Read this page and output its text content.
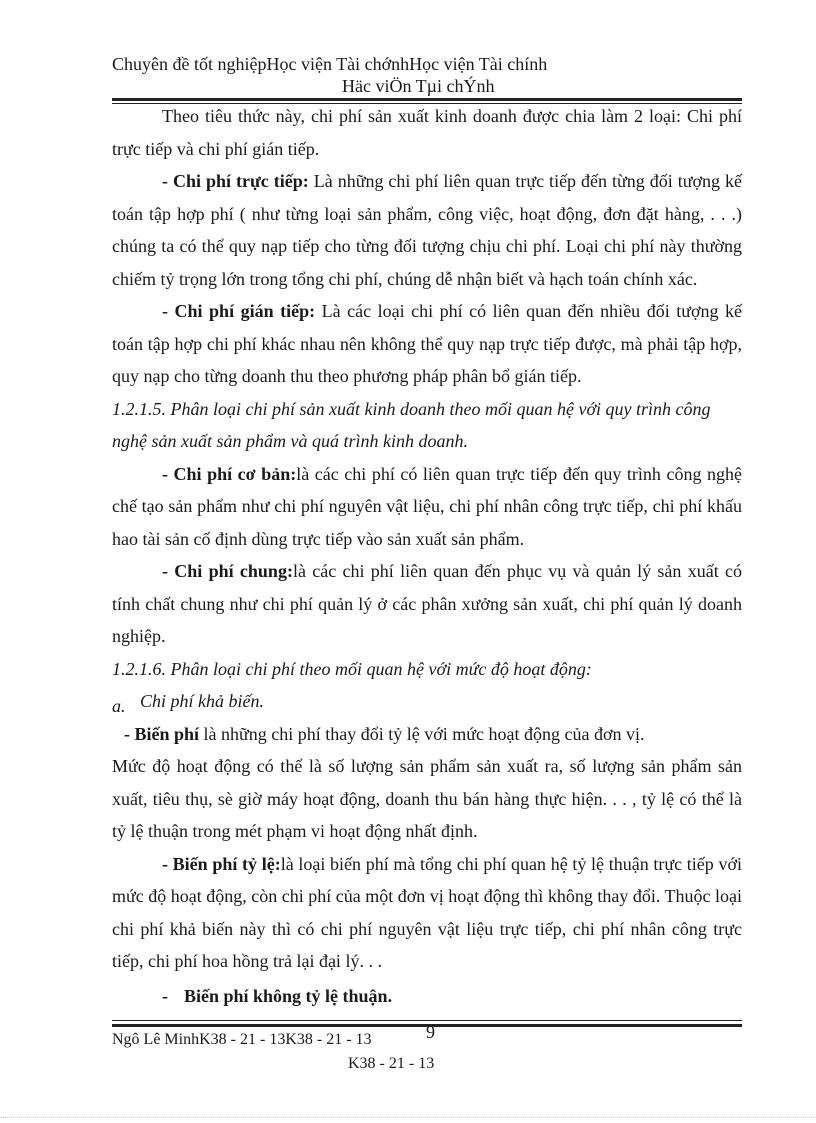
Chuyên đề tốt nghiệpHọc viện Tài chớnhHọc viện Tài chính
Häc viÖn Tµi chÝnh

Theo tiêu thức này, chi phí sản xuất kinh doanh được chia làm 2 loại: Chi phí trực tiếp và chi phí gián tiếp.

- Chi phí trực tiếp: Là những chi phí liên quan trực tiếp đến từng đối tượng kế toán tập hợp phí ( như từng loại sản phẩm, công việc, hoạt động, đơn đặt hàng, . . .) chúng ta có thể quy nạp tiếp cho từng đối tượng chịu chi phí. Loại chi phí này thường chiếm tỷ trọng lớn trong tổng chi phí, chúng dễ nhận biết và hạch toán chính xác.

- Chi phí gián tiếp: Là các loại chi phí có liên quan đến nhiều đối tượng kế toán tập hợp chi phí khác nhau nên không thể quy nạp trực tiếp được, mà phải tập hợp, quy nạp cho từng doanh thu theo phương pháp phân bổ gián tiếp.

1.2.1.5. Phân loại chi phí sản xuất kinh doanh theo mối quan hệ với quy trình công

nghệ sản xuất sản phẩm và quá trình kinh doanh.

- Chi phí cơ bản:là các chi phí có liên quan trực tiếp đến quy trình công nghệ chế tạo sản phẩm như chi phí nguyên vật liệu, chi phí nhân công trực tiếp, chi phí khấu hao tài sản cố định dùng trực tiếp vào sản xuất sản phẩm.

- Chi phí chung:là các chi phí liên quan đến phục vụ và quản lý sản xuất có tính chất chung như chi phí quản lý ở các phân xưởng sản xuất, chi phí quản lý doanh nghiệp.

1.2.1.6. Phân loại chi phí theo mối quan hệ với mức độ hoạt động:

a. Chi phí khả biến.

- Biến phí là những chi phí thay đổi tỷ lệ với mức hoạt động của đơn vị.

Mức độ hoạt động có thể là số lượng sản phẩm sản xuất ra, số lượng sản phẩm sản xuất, tiêu thụ, sè giờ máy hoạt động, doanh thu bán hàng thực hiện. . . , tỷ lệ có thể là tỷ lệ thuận trong mét phạm vi hoạt động nhất định.

- Biến phí tỷ lệ:là loại biến phí mà tổng chi phí quan hệ tỷ lệ thuận trực tiếp với mức độ hoạt động, còn chi phí của một đơn vị hoạt động thì không thay đổi. Thuộc loại chi phí khả biến này thì có chi phí nguyên vật liệu trực tiếp, chi phí nhân công trực tiếp, chi phí hoa hồng trả lại đại lý. . .

- Biến phí không tỷ lệ thuận.

Ngô Lê MinhK38 - 21 - 13K38 - 21 - 13	9
K38 - 21 - 13
